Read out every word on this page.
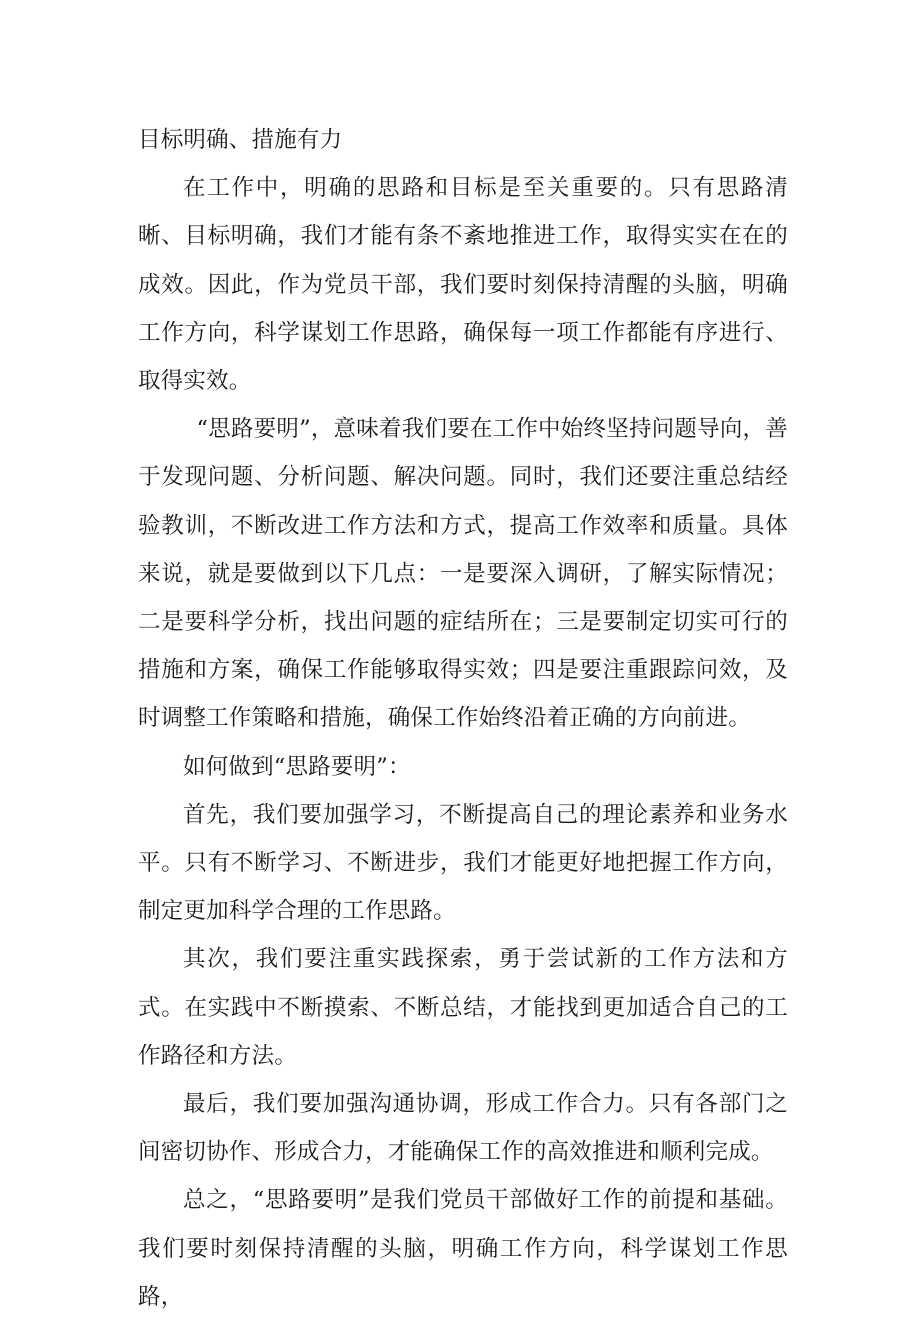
目标明确、措施有力

在工作中，明确的思路和目标是至关重要的。只有思路清晰、目标明确，我们才能有条不紊地推进工作，取得实实在在的成效。因此，作为党员干部，我们要时刻保持清醒的头脑，明确工作方向，科学谋划工作思路，确保每一项工作都能有序进行、取得实效。

“思路要明”，意味着我们要在工作中始终坚持问题导向，善于发现问题、分析问题、解决问题。同时，我们还要注重总结经验教训，不断改进工作方法和方式，提高工作效率和质量。具体来说，就是要做到以下几点：一是要深入调研，了解实际情况；二是要科学分析，找出问题的症结所在；三是要制定切实可行的措施和方案，确保工作能够取得实效；四是要注重跟踪问效，及时调整工作策略和措施，确保工作始终沿着正确的方向前进。

如何做到“思路要明”：

首先，我们要加强学习，不断提高自己的理论素养和业务水平。只有不断学习、不断进步，我们才能更好地把握工作方向，制定更加科学合理的工作思路。

其次，我们要注重实践探索，勇于尝试新的工作方法和方式。在实践中不断摸索、不断总结，才能找到更加适合自己的工作路径和方法。

最后，我们要加强沟通协调，形成工作合力。只有各部门之间密切协作、形成合力，才能确保工作的高效推进和顺利完成。

总之，“思路要明”是我们党员干部做好工作的前提和基础。我们要时刻保持清醒的头脑，明确工作方向，科学谋划工作思路，
